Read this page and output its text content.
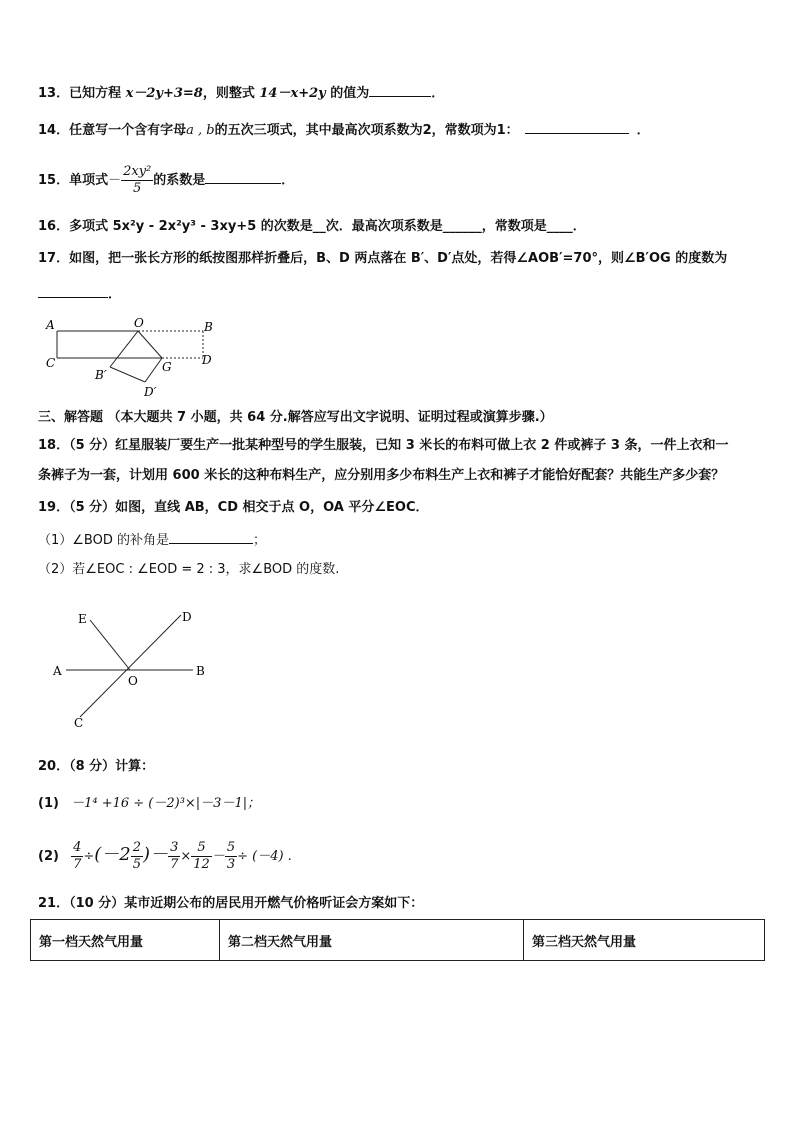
13．已知方程 x－2y+3=8，则整式 14－x+2y 的值为	．
14．任意写一个含有字母a , b的五次三项式，其中最高次项系数为2，常数项为1：	．
15．单项式－ $\frac{\text{2xy²}}{5}$ 的系数是	．
16．多项式 5x²y - 2x²y³ - 3xy+5 的次数是__次．最高次项系数是______，常数项是____．
17．如图，把一张长方形的纸按图那样折叠后，B、D 两点落在 B′、D′点处，若得∠AOB′=70°，则∠B′OG 的度数为
．
A	O	B
C	G	D
B′
D′
三、解答题 （本大题共 7 小题，共 64 分.解答应写出文字说明、证明过程或演算步骤.）
18．（5 分）红星服装厂要生产一批某种型号的学生服装，已知 3 米长的布料可做上衣 2 件或裤子 3 条，一件上衣和一
条裤子为一套，计划用 600 米长的这种布料生产，应分别用多少布料生产上衣和裤子才能恰好配套？共能生产多少套？
19．（5 分）如图，直线 AB，CD 相交于点 O，OA 平分∠EOC．
（1）∠BOD 的补角是	；
（2）若∠EOC : ∠EOD = 2 : 3，求∠BOD 的度数.
E	D
A
O
B
C
20．（8 分）计算：
(1) －1⁴ +16 ÷ (－2)³×|－3－1|；
$(2) \frac{4}{7} \div(-2 \frac{2}{5}$ )－ $\frac{3}{7} \times \frac{5}{12} - \frac{5}{3} \div (-4)$ .
21．（10 分）某市近期公布的居民用开燃气价格听证会方案如下：
第一档天然气用量	第二档天然气用量	第三档天然气用量
